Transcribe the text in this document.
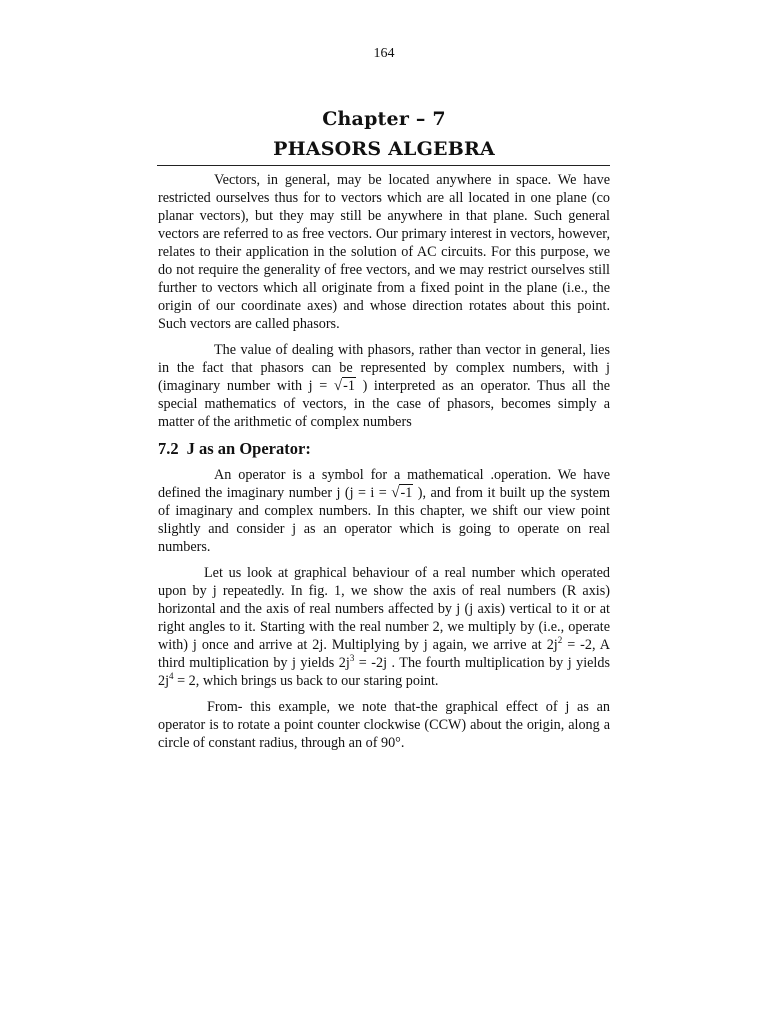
164
Chapter – 7
PHASORS ALGEBRA

Vectors, in general, may be located anywhere in space. We have restricted ourselves thus for to vectors which are all located in one plane (co planar vectors), but they may still be anywhere in that plane. Such general vectors are referred to as free vectors. Our primary interest in vectors, however, relates to their application in the solution of AC circuits. For this purpose, we do not require the generality of free vectors, and we may restrict ourselves still further to vectors which all originate from a fixed point in the plane (i.e., the origin of our coordinate axes) and whose direction rotates about this point. Such vectors are called phasors.

The value of dealing with phasors, rather than vector in general, lies in the fact that phasors can be represented by complex numbers, with j (imaginary number with j = √-1 ) interpreted as an operator. Thus all the special mathematics of vectors, in the case of phasors, becomes simply a matter of the arithmetic of complex numbers

7.2 J as an Operator:

An operator is a symbol for a mathematical .operation. We have defined the imaginary number j (j = i = √-1 ), and from it built up the system of imaginary and complex numbers. In this chapter, we shift our view point slightly and consider j as an operator which is going to operate on real numbers.

Let us look at graphical behaviour of a real number which operated upon by j repeatedly. In fig. 1, we show the axis of real numbers (R axis) horizontal and the axis of real numbers affected by j (j axis) vertical to it or at right angles to it. Starting with the real number 2, we multiply by (i.e., operate with) j once and arrive at 2j. Multiplying by j again, we arrive at $2j^2 = -2$, A third multiplication by j yields $2j^3 = -2j$ . The fourth multiplication by j yields $2j^4 = 2$, which brings us back to our staring point.

From- this example, we note that-the graphical effect of j as an operator is to rotate a point counter clockwise (CCW) about the origin, along a circle of constant radius, through an of 90°.
